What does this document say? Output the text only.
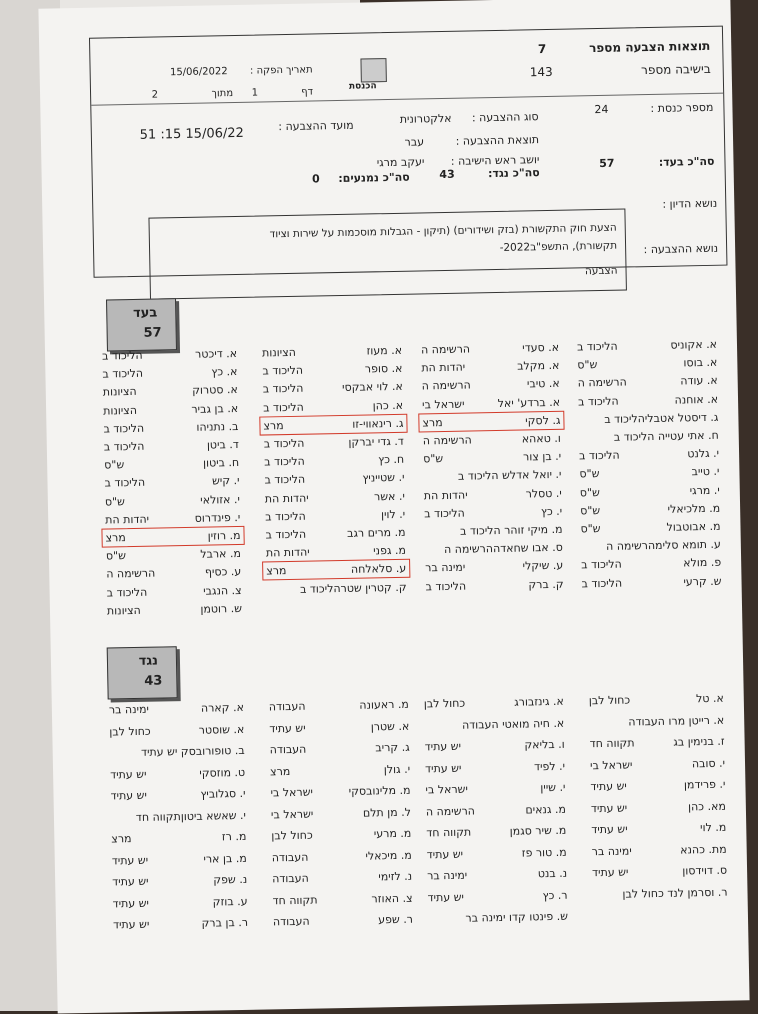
תוצאות הצבעה מספר
7
בישיבה מספר
143
הכנסת
תאריך הפקה :
15/06/2022
דף
1
מתוך
2
מספר כנסת :
24
סוג ההצבעה :
אלקטרונית
מועד ההצבעה :
15/06/22 15: 51	תוצאת ההצבעה :
עבר
יושב ראש הישיבה :
יעקב מרגי	סה"כ בעד:
57
סה"כ נגד:
43
סה"כ נמנעים:
0
נושא הדיון :
נושא ההצבעה :
הצעת חוק התקשורת (בזק ושידורים) (תיקון - הגבלות מוסכמות על שירות וציוד
תקשורת), התשפ"ב2022-
הצבעה
בעד
57
א. אקוניס
הליכוד ב
א. בוסו
ש"ס
א. עודה
הרשימה ה
א. אוחנה
הליכוד ב
ג. דיסטל אטבליהליכוד ב
ח. אתי עטייה הליכוד ב
י. גלנט
הליכוד ב
י. טייב
ש"ס
י. מרגי
ש"ס
מ. מלכיאלי
ש"ס
מ. אבוטבול
ש"ס
ע. תומא סלימהרשימה ה
פ. מולא
הליכוד ב
ש. קרעי
הליכוד ב
א. סעדי
הרשימה ה
א. מקלב
יהדות הת
א. טיבי
הרשימה ה
א. ברדע' יאל
ישראל בי
ג. לסקי
מרצ
ו. טאהא
הרשימה ה
י. בן צור
ש"ס
י. יואל אדלש הליכוד ב
י. טסלר
יהדות הת
י. כץ
הליכוד ב
מ. מיקי זוהר הליכוד ב
ס. אבו שחאדההרשימה ה
ע. שיקלי
ימינה בר
ק. ברק
הליכוד ב
א. מעוז
הציונות
א. סופר
הליכוד ב
א. לוי אבקסי
הליכוד ב
א. כהן
הליכוד ב
ג. רינאווי-זו
מרצ
ד. גדי יברקן
הליכוד ב
ח. כץ
הליכוד ב
י. שטייניץ
הליכוד ב
י. אשר
יהדות הת
י. לוין
הליכוד ב
מ. מרים רגב
הליכוד ב
מ. גפני
יהדות הת
ע. סלאלחה
מרצ
ק. קטרין שטרהליכוד ב
א. דיכטר
הליכוד ב
א. כץ
הליכוד ב
א. סטרוק
הציונות
א. בן גביר
הציונות
ב. נתניהו
הליכוד ב
ד. ביטן
הליכוד ב
ח. ביטון
ש"ס
י. קיש
הליכוד ב
י. אזולאי
ש"ס
י. פינדרוס
יהדות הת
מ. רוזין
מרצ
מ. ארבל
ש"ס
ע. כסיף
הרשימה ה
צ. הנגבי
הליכוד ב
ש. רוטמן
הציונות
נגד
43
א. טל
כחול לבן
א. רייטן מרו העבודה
ז. בנימין בג
תקווה חד
י. סובה
ישראל בי
י. פרידמן
יש עתיד
מא. כהן
יש עתיד
מ. לוי
יש עתיד
מת. כהנא
ימינה בר
ס. דוידסון
יש עתיד
ר. וסרמן לנד כחול לבן
א. גינזבורג
כחול לבן
א. חיה מואטי העבודה
ו. בליאק
יש עתיד
י. לפיד
יש עתיד
י. שיין
ישראל בי
מ. גנאים
הרשימה ה
מ. שיר סגמן
תקווה חד
מ. טור פז
יש עתיד
נ. בנט
ימינה בר
ר. כץ
יש עתיד
ש. פינטו קדו ימינה בר
מ. ראעונה
העבודה
א. שטרן
יש עתיד
ג. קריב
העבודה
י. גולן
מרצ
מ. מלינובסקי
ישראל בי
ל. מן תלם
ישראל בי
מ. מרעי
כחול לבן
מ. מיכאלי
העבודה
נ. לזימי
העבודה
צ. האוזר
תקווה חד
ר. שפע
העבודה
א. קארה
ימינה בר
א. שוסטר
כחול לבן
ב. טופורובסק יש עתיד
ט. מוזסקי
יש עתיד
י. סגלוביץ
יש עתיד
י. שאשא ביטוןתקווה חד
מ. רז
מרצ
מ. בן ארי
יש עתיד
נ. שפק
יש עתיד
ע. בוזק
יש עתיד
ר. בן ברק
יש עתיד
